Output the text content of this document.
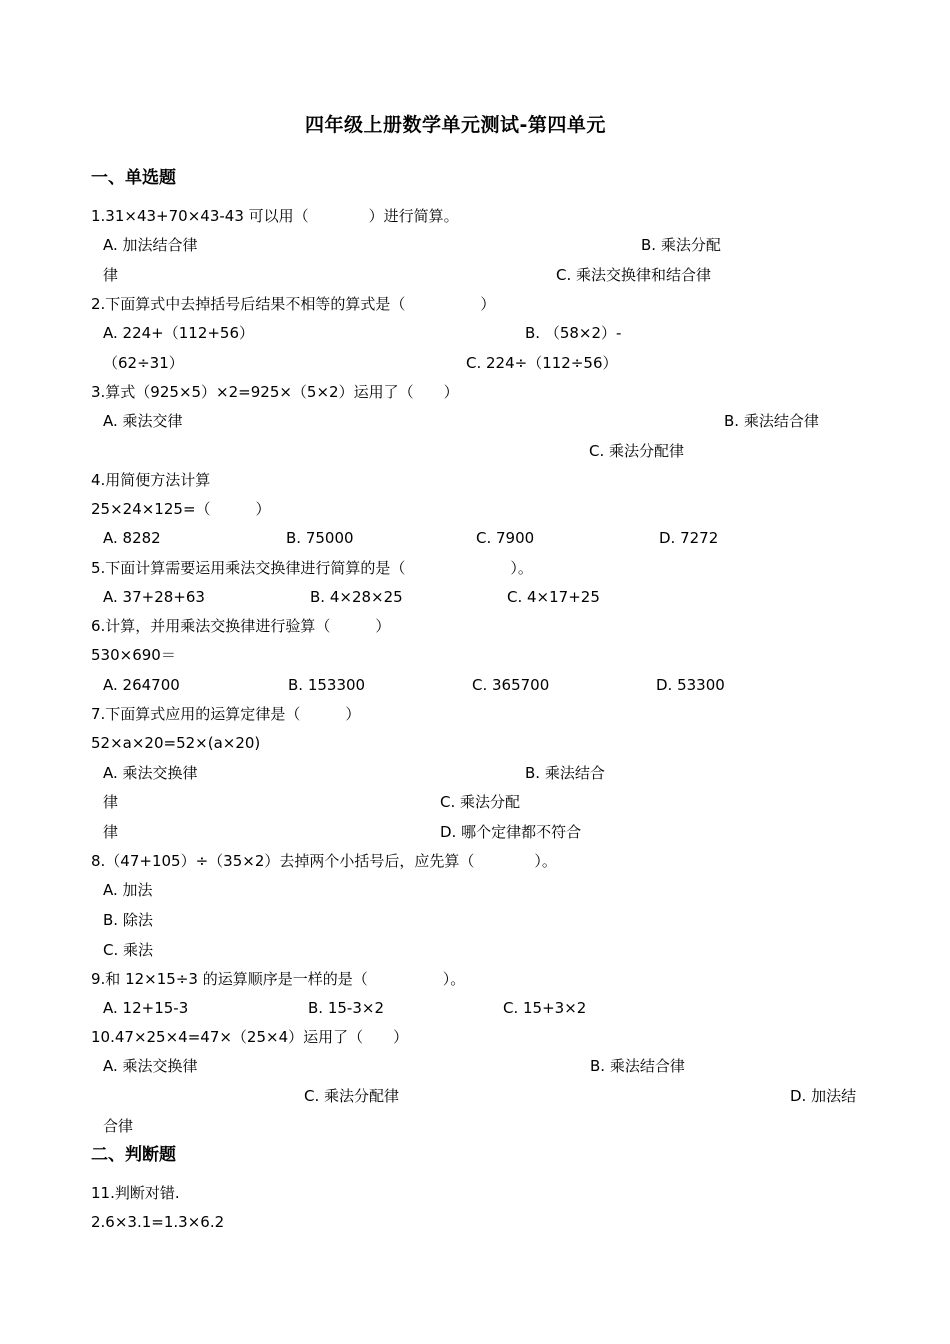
四年级上册数学单元测试-第四单元
一、单选题
1.31×43+70×43-43 可以用（　　　　）进行简算。
A. 加法结合律	B. 乘法分配
律	C. 乘法交换律和结合律
2.下面算式中去掉括号后结果不相等的算式是（　　　　　）
A. 224+（112+56）	B. （58×2）-
（62÷31）	C. 224÷（112÷56）
3.算式（925×5）×2=925×（5×2）运用了（　　）
A. 乘法交律	B. 乘法结合律
C. 乘法分配律
4.用简便方法计算
25×24×125=（　　　）
A. 8282	B. 75000	C. 7900	D. 7272
5.下面计算需要运用乘法交换律进行简算的是（　　　　　　　）。
A. 37+28+63	B. 4×28×25	C. 4×17+25
6.计算，并用乘法交换律进行验算（　　　）
530×690＝
A. 264700	B. 153300	C. 365700	D. 53300
7.下面算式应用的运算定律是（　　　）
52×a×20=52×(a×20)
A. 乘法交换律	B. 乘法结合
律	C. 乘法分配
律	D. 哪个定律都不符合
8.（47+105）÷（35×2）去掉两个小括号后，应先算（　　　　）。
A. 加法
B. 除法
C. 乘法
9.和 12×15÷3 的运算顺序是一样的是（　　　　　）。
A. 12+15-3	B. 15-3×2	C. 15+3×2
10.47×25×4=47×（25×4）运用了（　　）
A. 乘法交换律	B. 乘法结合律
C. 乘法分配律	D. 加法结
合律
二、判断题
11.判断对错.
2.6×3.1=1.3×6.2
